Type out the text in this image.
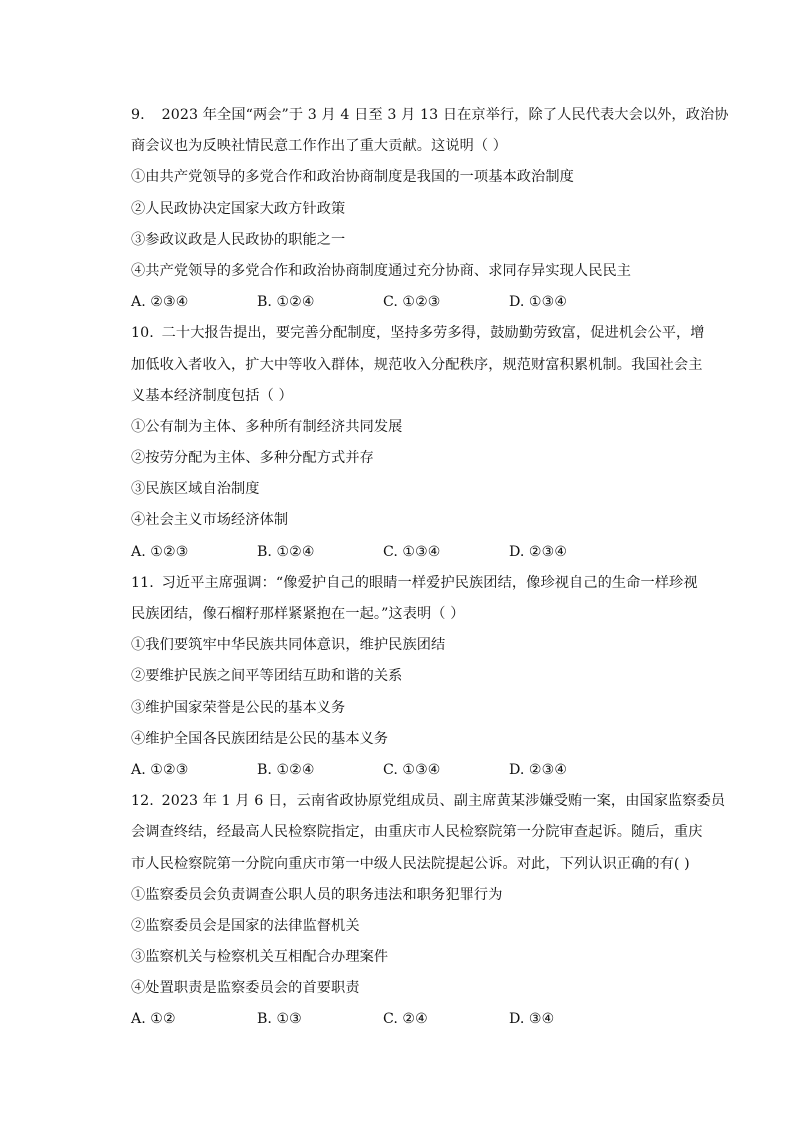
9. 2023 年全国“两会”于 3 月 4 日至 3 月 13 日在京举行，除了人民代表大会以外，政治协
商会议也为反映社情民意工作作出了重大贡献。这说明（ ）
①由共产党领导的多党合作和政治协商制度是我国的一项基本政治制度
②人民政协决定国家大政方针政策
③参政议政是人民政协的职能之一
④共产党领导的多党合作和政治协商制度通过充分协商、求同存异实现人民民主
A. ②③④	B. ①②④	C. ①②③	D. ①③④
10. 二十大报告提出，要完善分配制度，坚持多劳多得，鼓励勤劳致富，促进机会公平，增
加低收入者收入，扩大中等收入群体，规范收入分配秩序，规范财富积累机制。我国社会主
义基本经济制度包括（ ）
①公有制为主体、多种所有制经济共同发展
②按劳分配为主体、多种分配方式并存
③民族区域自治制度
④社会主义市场经济体制
A. ①②③	B. ①②④	C. ①③④	D. ②③④
11. 习近平主席强调：“像爱护自己的眼睛一样爱护民族团结，像珍视自己的生命一样珍视
民族团结，像石榴籽那样紧紧抱在一起。”这表明（ ）
①我们要筑牢中华民族共同体意识，维护民族团结
②要维护民族之间平等团结互助和谐的关系
③维护国家荣誉是公民的基本义务
④维护全国各民族团结是公民的基本义务
A. ①②③	B. ①②④	C. ①③④	D. ②③④
12. 2023 年 1 月 6 日，云南省政协原党组成员、副主席黄某涉嫌受贿一案，由国家监察委员
会调查终结，经最高人民检察院指定，由重庆市人民检察院第一分院审查起诉。随后，重庆
市人民检察院第一分院向重庆市第一中级人民法院提起公诉。对此，下列认识正确的有( )
①监察委员会负责调查公职人员的职务违法和职务犯罪行为
②监察委员会是国家的法律监督机关
③监察机关与检察机关互相配合办理案件
④处置职责是监察委员会的首要职责
A. ①②	B. ①③	C. ②④	D. ③④
